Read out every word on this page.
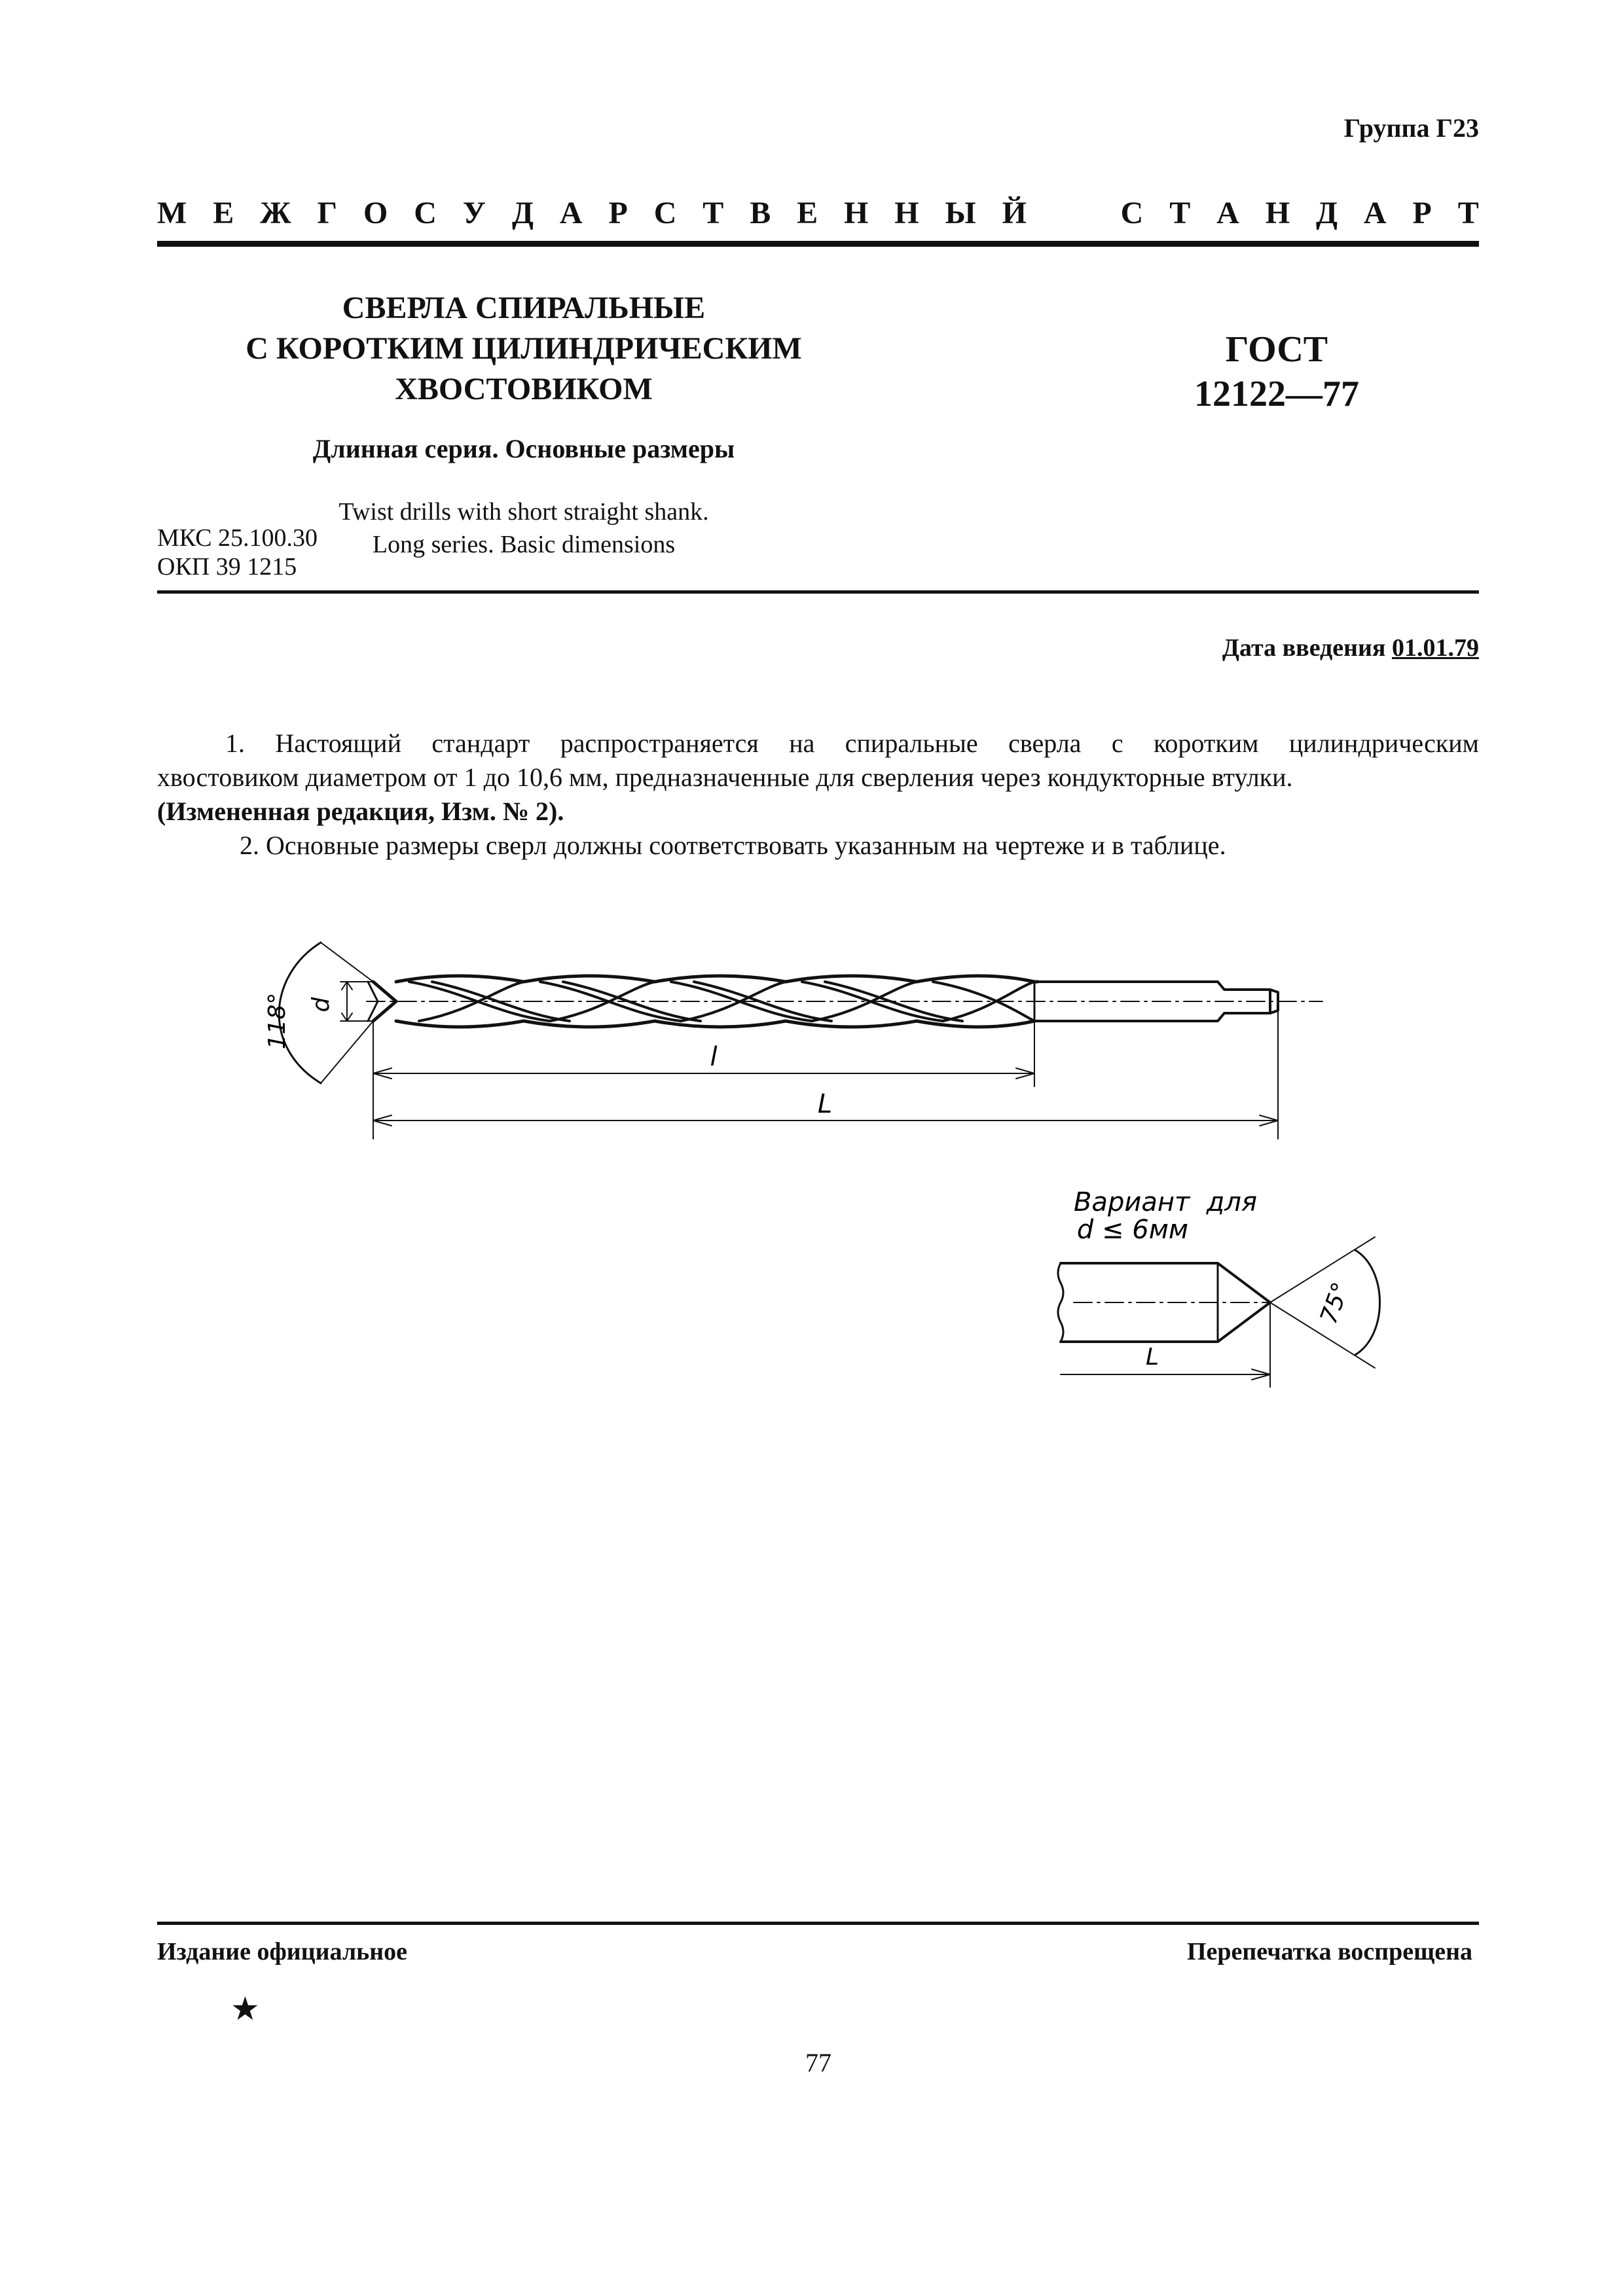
Группа Г23
М Е Ж Г О С У Д А Р С Т В Е Н Н Ы Й

	С Т А Н Д А Р Т
СВЕРЛА СПИРАЛЬНЫЕ
С КОРОТКИМ ЦИЛИНДРИЧЕСКИМ ХВОСТОВИКОМ
Длинная серия. Основные размеры
Twist drills with short straight shank.
Long series. Basic dimensions
ГОСТ
12122—77
МКС 25.100.30
ОКП 39 1215
Дата введения 01.01.79

1. Настоящий стандарт распространяется на спиральные сверла с коротким цилиндрическим

хвостовиком диаметром от 1 до 10,6 мм, предназначенные для сверления через кондукторные втулки.

(Измененная редакция, Изм. № 2).

2. Основные размеры сверл должны соответствовать указанным на чертеже и в таблице.

118° d
l
L
Вариант  для
d ≤ 6мм
75°
L
Издание официальное	Перепечатка воспрещена
★
77
